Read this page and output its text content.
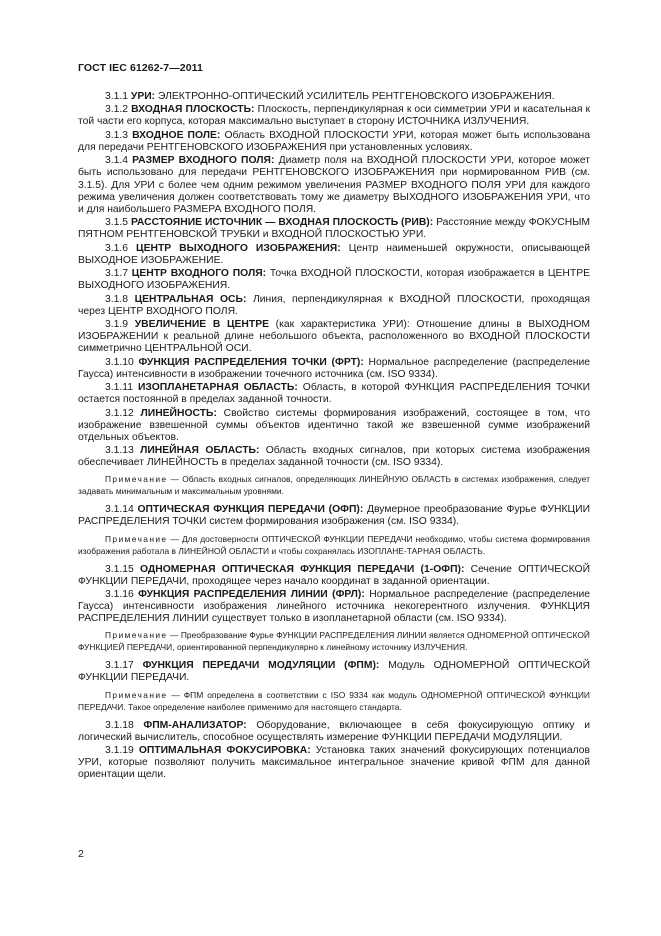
ГОСТ IEC 61262-7—2011

3.1.1 УРИ: ЭЛЕКТРОННО-ОПТИЧЕСКИЙ УСИЛИТЕЛЬ РЕНТГЕНОВСКОГО ИЗОБРАЖЕНИЯ.

3.1.2 ВХОДНАЯ ПЛОСКОСТЬ: Плоскость, перпендикулярная к оси симметрии УРИ и касательная к той части его корпуса, которая максимально выступает в сторону ИСТОЧНИКА ИЗЛУЧЕНИЯ.

3.1.3 ВХОДНОЕ ПОЛЕ: Область ВХОДНОЙ ПЛОСКОСТИ УРИ, которая может быть использована для передачи РЕНТГЕНОВСКОГО ИЗОБРАЖЕНИЯ при установленных условиях.

3.1.4 РАЗМЕР ВХОДНОГО ПОЛЯ: Диаметр поля на ВХОДНОЙ ПЛОСКОСТИ УРИ, которое может быть использовано для передачи РЕНТГЕНОВСКОГО ИЗОБРАЖЕНИЯ при нормированном РИВ (см. 3.1.5). Для УРИ с более чем одним режимом увеличения РАЗМЕР ВХОДНОГО ПОЛЯ УРИ для каждого режима увеличения должен соответствовать тому же диаметру ВЫХОДНОГО ИЗОБРАЖЕНИЯ УРИ, что и для наибольшего РАЗМЕРА ВХОДНОГО ПОЛЯ.

3.1.5 РАССТОЯНИЕ ИСТОЧНИК — ВХОДНАЯ ПЛОСКОСТЬ (РИВ): Расстояние между ФОКУСНЫМ ПЯТНОМ РЕНТГЕНОВСКОЙ ТРУБКИ и ВХОДНОЙ ПЛОСКОСТЬЮ УРИ.

3.1.6 ЦЕНТР ВЫХОДНОГО ИЗОБРАЖЕНИЯ: Центр наименьшей окружности, описывающей ВЫХОДНОЕ ИЗОБРАЖЕНИЕ.

3.1.7 ЦЕНТР ВХОДНОГО ПОЛЯ: Точка ВХОДНОЙ ПЛОСКОСТИ, которая изображается в ЦЕНТРЕ ВЫХОДНОГО ИЗОБРАЖЕНИЯ.

3.1.8 ЦЕНТРАЛЬНАЯ ОСЬ: Линия, перпендикулярная к ВХОДНОЙ ПЛОСКОСТИ, проходящая через ЦЕНТР ВХОДНОГО ПОЛЯ.

3.1.9 УВЕЛИЧЕНИЕ В ЦЕНТРЕ (как характеристика УРИ): Отношение длины в ВЫХОДНОМ ИЗОБРАЖЕНИИ к реальной длине небольшого объекта, расположенного во ВХОДНОЙ ПЛОСКОСТИ симметрично ЦЕНТРАЛЬНОЙ ОСИ.

3.1.10 ФУНКЦИЯ РАСПРЕДЕЛЕНИЯ ТОЧКИ (ФРТ): Нормальное распределение (распределение Гаусса) интенсивности в изображении точечного источника (см. ISO 9334).

3.1.11 ИЗОПЛАНЕТАРНАЯ ОБЛАСТЬ: Область, в которой ФУНКЦИЯ РАСПРЕДЕЛЕНИЯ ТОЧКИ остается постоянной в пределах заданной точности.

3.1.12 ЛИНЕЙНОСТЬ: Свойство системы формирования изображений, состоящее в том, что изображение взвешенной суммы объектов идентично такой же взвешенной сумме изображений отдельных объектов.

3.1.13 ЛИНЕЙНАЯ ОБЛАСТЬ: Область входных сигналов, при которых система изображения обеспечивает ЛИНЕЙНОСТЬ в пределах заданной точности (см. ISO 9334).

Примечание — Область входных сигналов, определяющих ЛИНЕЙНУЮ ОБЛАСТЬ в системах изображения, следует задавать минимальным и максимальным уровнями.

3.1.14 ОПТИЧЕСКАЯ ФУНКЦИЯ ПЕРЕДАЧИ (ОФП): Двумерное преобразование Фурье ФУНКЦИИ РАСПРЕДЕЛЕНИЯ ТОЧКИ систем формирования изображения (см. ISO 9334).

Примечание — Для достоверности ОПТИЧЕСКОЙ ФУНКЦИИ ПЕРЕДАЧИ необходимо, чтобы система формирования изображения работала в ЛИНЕЙНОЙ ОБЛАСТИ и чтобы сохранялась ИЗОПЛАНЕ-ТАРНАЯ ОБЛАСТЬ.

3.1.15 ОДНОМЕРНАЯ ОПТИЧЕСКАЯ ФУНКЦИЯ ПЕРЕДАЧИ (1-ОФП): Сечение ОПТИЧЕСКОЙ ФУНКЦИИ ПЕРЕДАЧИ, проходящее через начало координат в заданной ориентации.

3.1.16 ФУНКЦИЯ РАСПРЕДЕЛЕНИЯ ЛИНИИ (ФРЛ): Нормальное распределение (распределение Гаусса) интенсивности изображения линейного источника некогерентного излучения. ФУНКЦИЯ РАСПРЕДЕЛЕНИЯ ЛИНИИ существует только в изопланетарной области (см. ISO 9334).

Примечание — Преобразование Фурье ФУНКЦИИ РАСПРЕДЕЛЕНИЯ ЛИНИИ является ОДНОМЕРНОЙ ОПТИЧЕСКОЙ ФУНКЦИЕЙ ПЕРЕДАЧИ, ориентированной перпендикулярно к линейному источнику ИЗЛУЧЕНИЯ.

3.1.17 ФУНКЦИЯ ПЕРЕДАЧИ МОДУЛЯЦИИ (ФПМ): Модуль ОДНОМЕРНОЙ ОПТИЧЕСКОЙ ФУНКЦИИ ПЕРЕДАЧИ.

Примечание — ФПМ определена в соответствии с ISO 9334 как модуль ОДНОМЕРНОЙ ОПТИЧЕСКОЙ ФУНКЦИИ ПЕРЕДАЧИ. Такое определение наиболее применимо для настоящего стандарта.

3.1.18 ФПМ-АНАЛИЗАТОР: Оборудование, включающее в себя фокусирующую оптику и логический вычислитель, способное осуществлять измерение ФУНКЦИИ ПЕРЕДАЧИ МОДУЛЯЦИИ.

3.1.19 ОПТИМАЛЬНАЯ ФОКУСИРОВКА: Установка таких значений фокусирующих потенциалов УРИ, которые позволяют получить максимальное интегральное значение кривой ФПМ для данной ориентации щели.

2
